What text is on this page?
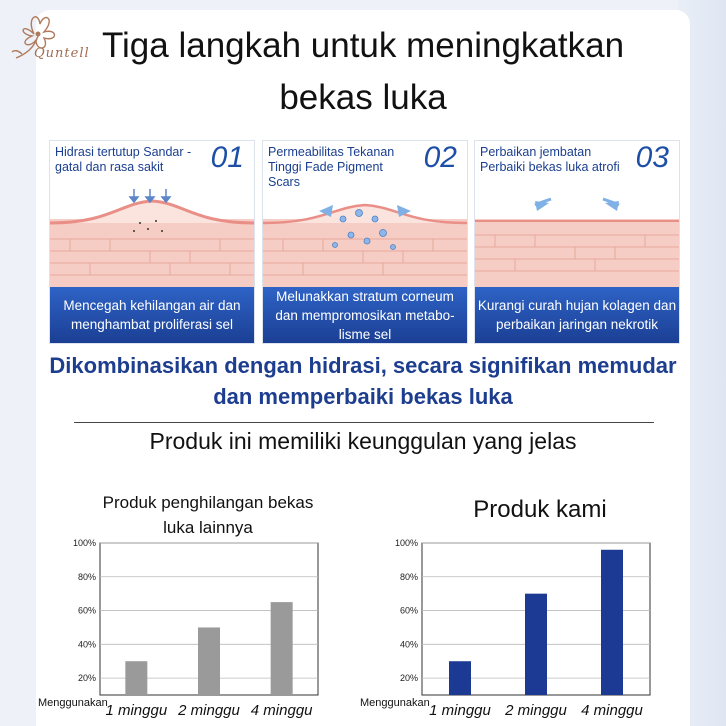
Quntell Tiga langkah untuk meningkatkan bekas luka
Hidrasi tertutup Sandar -gatal dan rasa sakit	01
Mencegah kehilangan air dan menghambat proliferasi sel
Permeabilitas Tekanan Tinggi Fade Pigment Scars
02
Melunakkan stratum corneum dan mempromosikan metabo-lisme sel
Perbaikan jembatan Perbaiki bekas luka atrofi 03
Kurangi curah hujan kolagen dan perbaikan jaringan nekrotik
Dikombinasikan dengan hidrasi, secara signifikan memudar dan memperbaiki bekas luka
Produk ini memiliki keunggulan yang jelas
Produk penghilangan bekas luka lainnya
Produk kami
20%
40%
60%
80%
100%
1 minggu 2 minggu 4 minggu
Menggunakan
20%
40%
60%
80%
100%
1 minggu 2 minggu 4 minggu
Menggunakan
